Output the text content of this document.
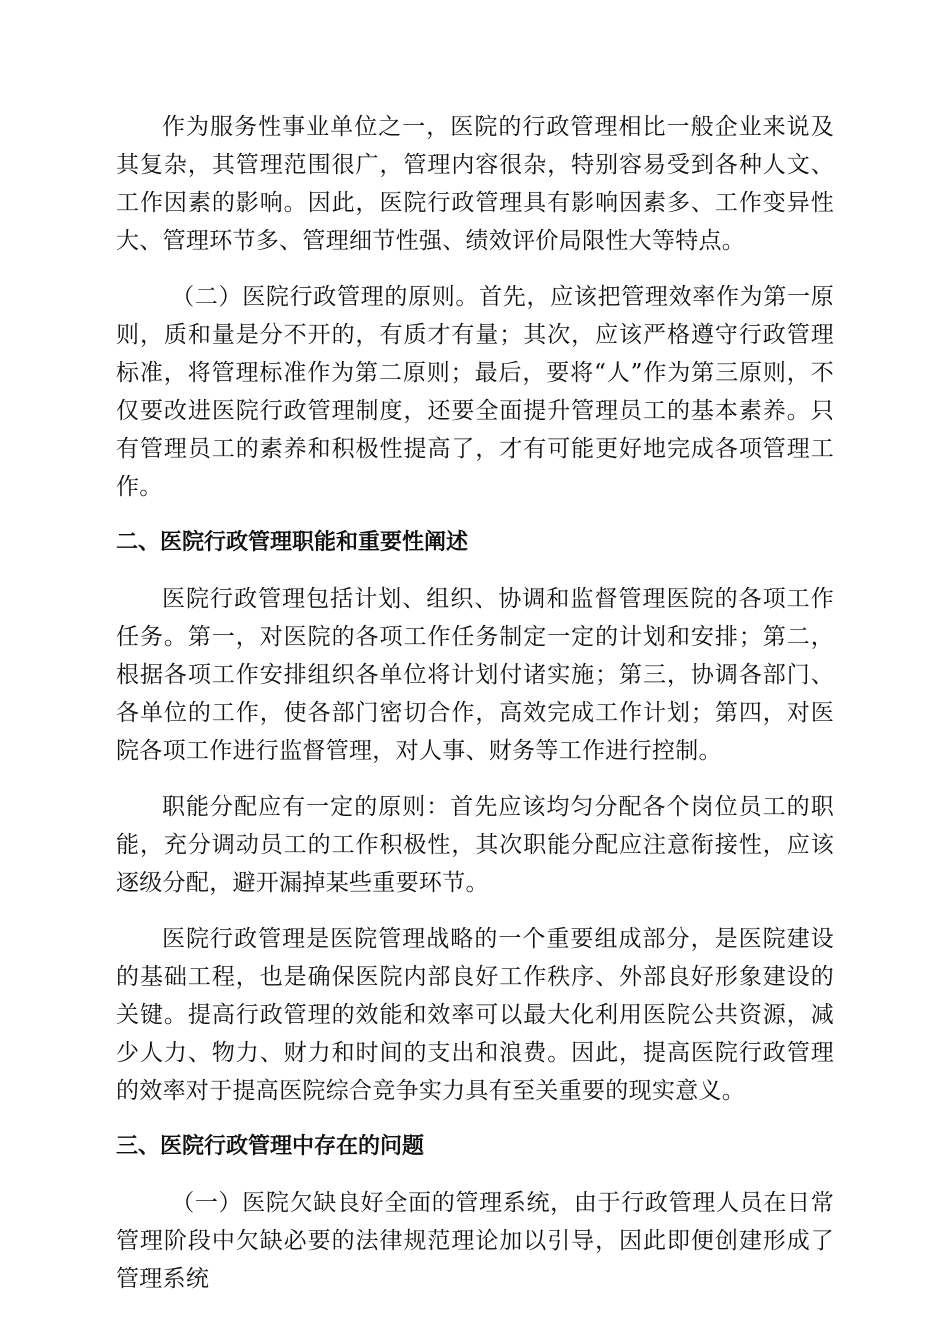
作为服务性事业单位之一，医院的行政管理相比一般企业来说及其复杂，其管理范围很广，管理内容很杂，特别容易受到各种人文、工作因素的影响。因此，医院行政管理具有影响因素多、工作变异性大、管理环节多、管理细节性强、绩效评价局限性大等特点。

（二）医院行政管理的原则。首先，应该把管理效率作为第一原则，质和量是分不开的，有质才有量；其次，应该严格遵守行政管理标准，将管理标准作为第二原则；最后，要将“人”作为第三原则，不仅要改进医院行政管理制度，还要全面提升管理员工的基本素养。只有管理员工的素养和积极性提高了，才有可能更好地完成各项管理工作。

二、医院行政管理职能和重要性阐述

医院行政管理包括计划、组织、协调和监督管理医院的各项工作任务。第一，对医院的各项工作任务制定一定的计划和安排；第二，根据各项工作安排组织各单位将计划付诸实施；第三，协调各部门、各单位的工作，使各部门密切合作，高效完成工作计划；第四，对医院各项工作进行监督管理，对人事、财务等工作进行控制。

职能分配应有一定的原则：首先应该均匀分配各个岗位员工的职能，充分调动员工的工作积极性，其次职能分配应注意衔接性，应该逐级分配，避开漏掉某些重要环节。

医院行政管理是医院管理战略的一个重要组成部分，是医院建设的基础工程，也是确保医院内部良好工作秩序、外部良好形象建设的关键。提高行政管理的效能和效率可以最大化利用医院公共资源，减少人力、物力、财力和时间的支出和浪费。因此，提高医院行政管理的效率对于提高医院综合竞争实力具有至关重要的现实意义。

三、医院行政管理中存在的问题

（一）医院欠缺良好全面的管理系统，由于行政管理人员在日常管理阶段中欠缺必要的法律规范理论加以引导，因此即便创建形成了管理系统
